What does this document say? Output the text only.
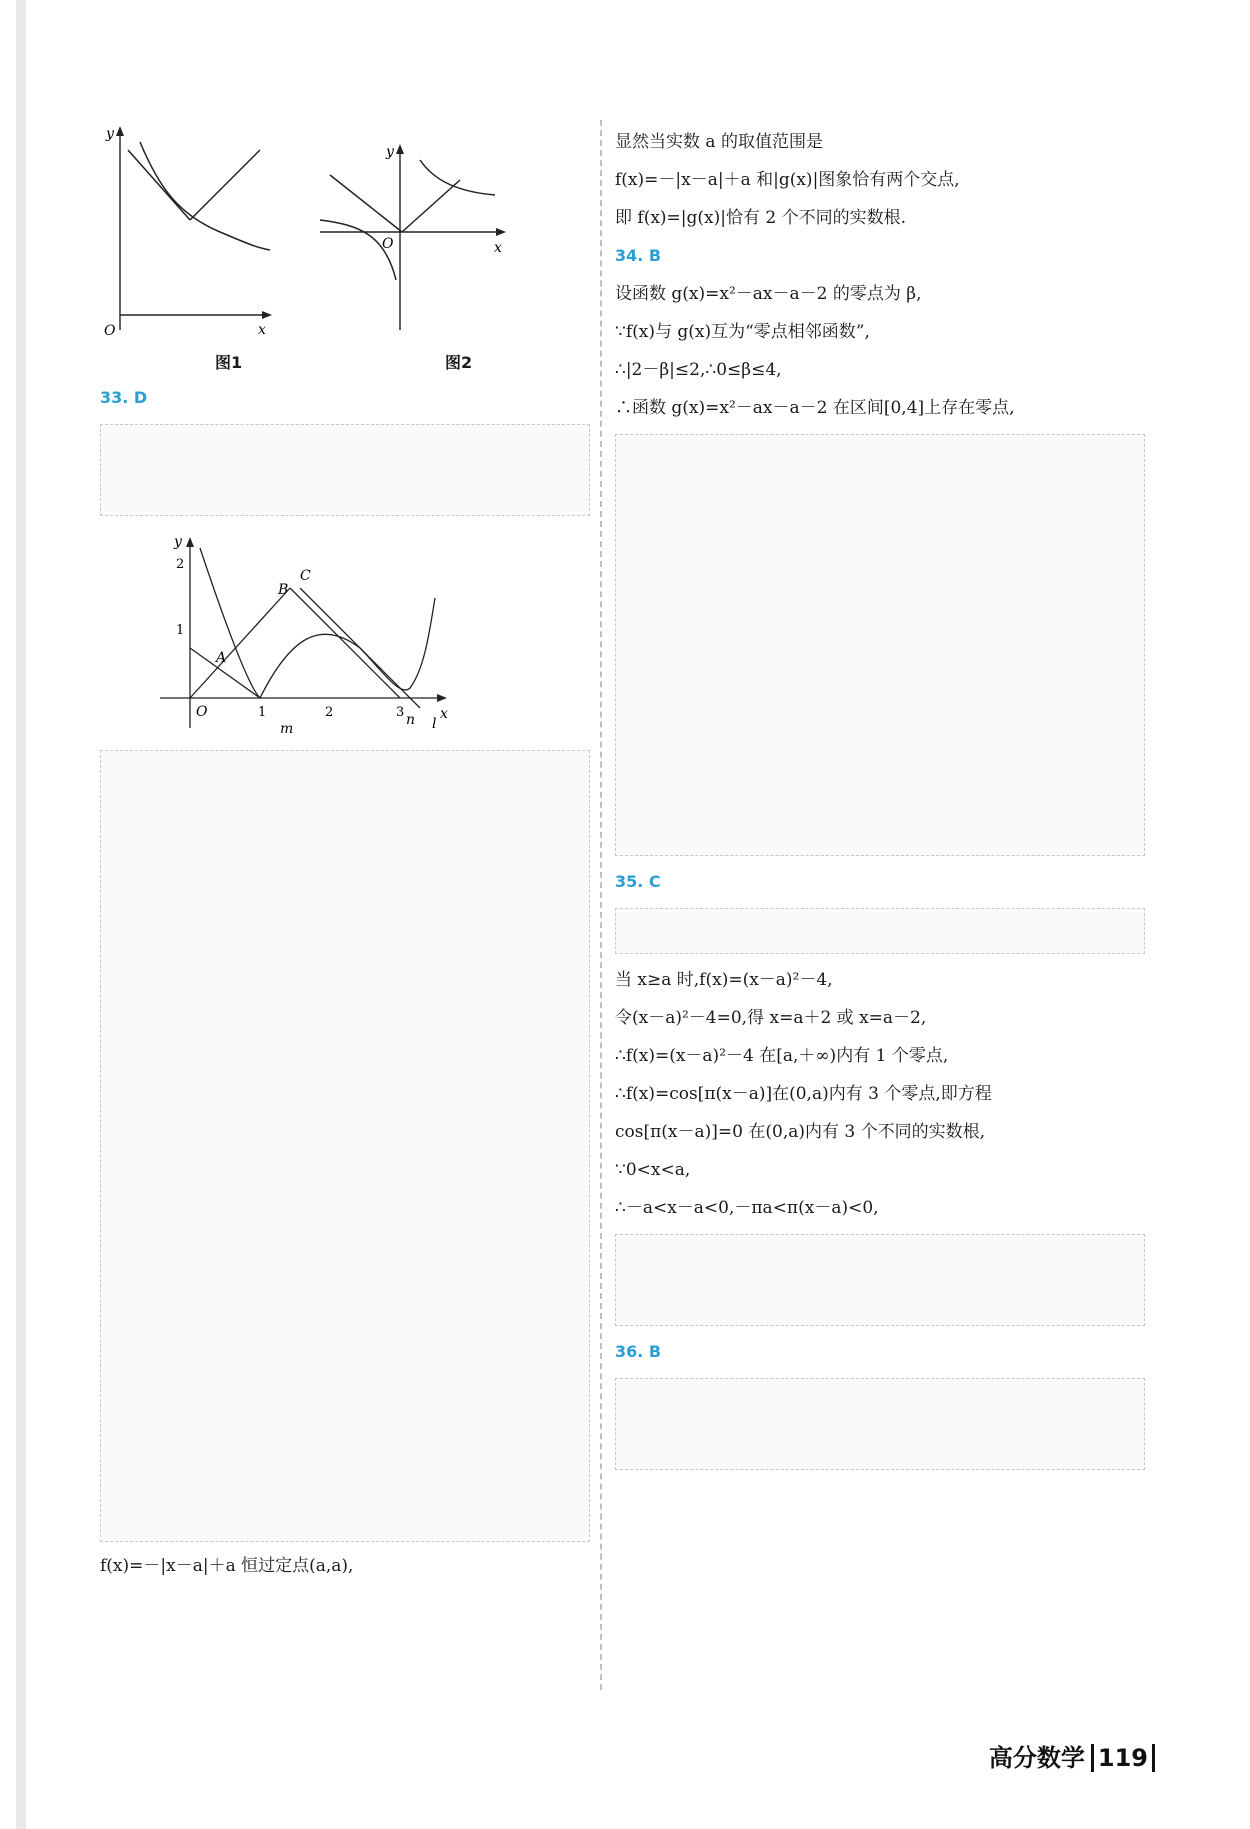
y
x
O
图1
y
x
O
图2

33. D

y
x
O
1
2
1	2	3
A
B
C
m
n l

f(x)=－|x－a|＋a 恒过定点(a,a),

显然当实数 a 的取值范围是

f(x)=－|x－a|＋a 和|g(x)|图象恰有两个交点,

即 f(x)=|g(x)|恰有 2 个不同的实数根.

34. B

设函数 g(x)=x²－ax－a－2 的零点为 β,

∵f(x)与 g(x)互为“零点相邻函数”,

∴|2－β|≤2,∴0≤β≤4,

∴函数 g(x)=x²－ax－a－2 在区间[0,4]上存在零点,

35. C

当 x≥a 时,f(x)=(x－a)²－4,

令(x－a)²－4=0,得 x=a＋2 或 x=a－2,

∴f(x)=(x－a)²－4 在[a,＋∞)内有 1 个零点,

∴f(x)=cos[π(x－a)]在(0,a)内有 3 个零点,即方程

cos[π(x－a)]=0 在(0,a)内有 3 个不同的实数根,

∵0<x<a,

∴－a<x－a<0,－πa<π(x－a)<0,

36. B

高分数学 119
